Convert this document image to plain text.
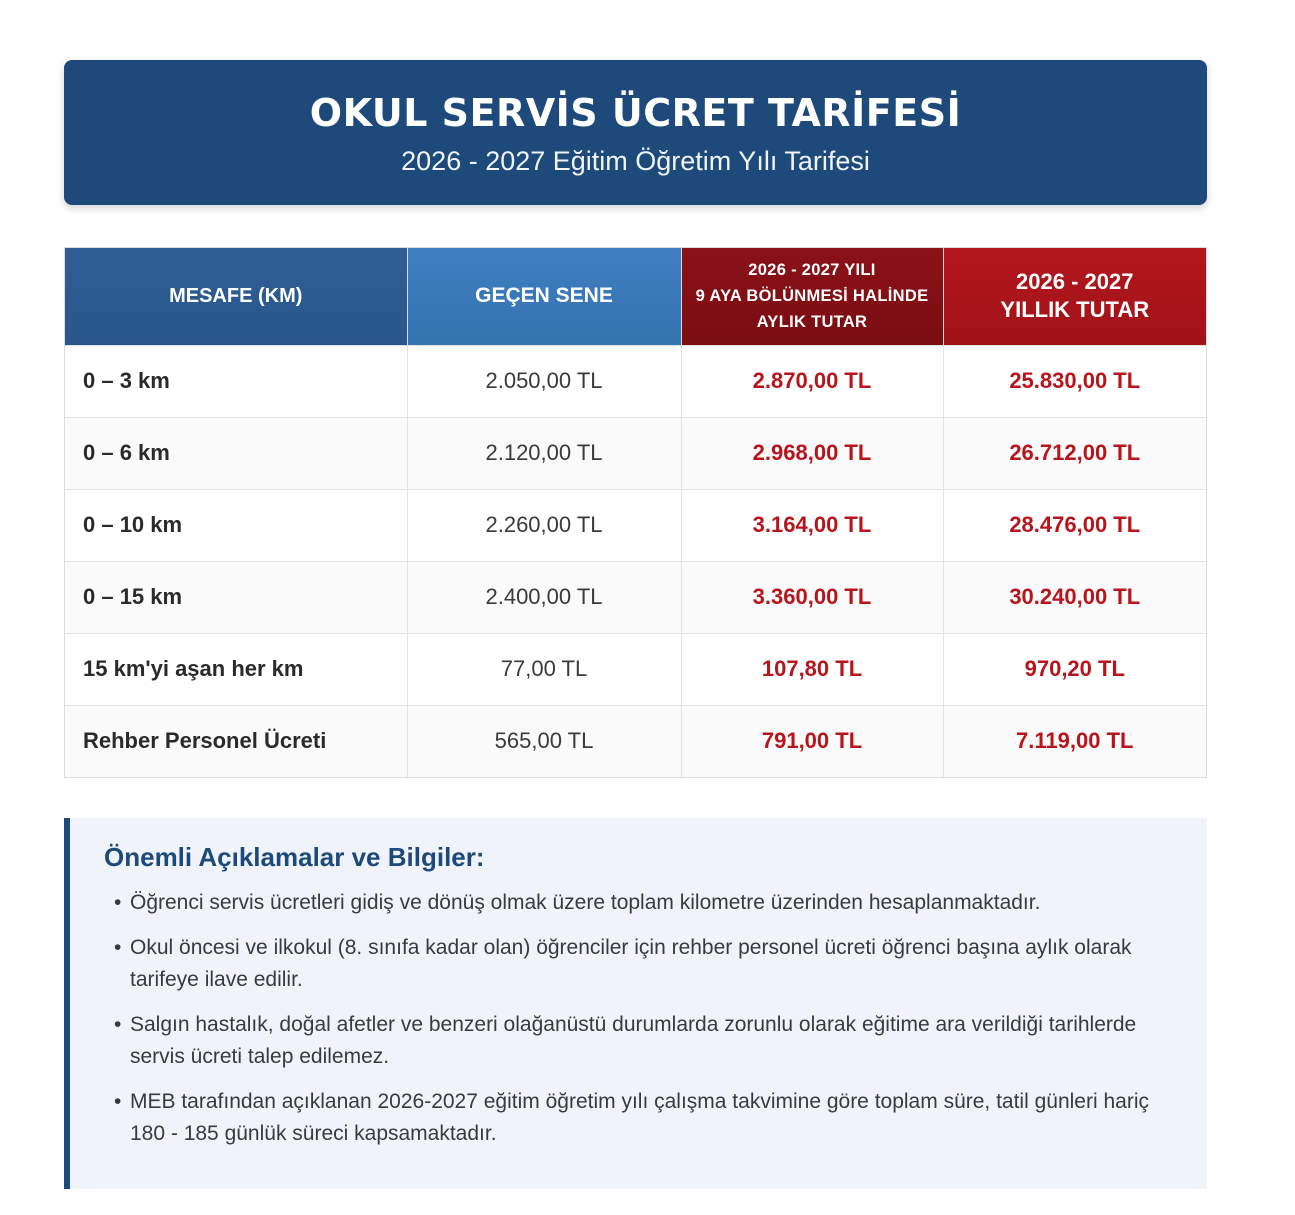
OKUL SERVİS ÜCRET TARİFESİ
2026 - 2027 Eğitim Öğretim Yılı Tarifesi
MESAFE (KM)	GEÇEN SENE	2026 - 2027 YILI
9 AYA BÖLÜNMESİ HALİNDE
AYLIK TUTAR	2026 - 2027
YILLIK TUTAR
0 – 3 km	2.050,00 TL	2.870,00 TL	25.830,00 TL
0 – 6 km	2.120,00 TL	2.968,00 TL	26.712,00 TL
0 – 10 km	2.260,00 TL	3.164,00 TL	28.476,00 TL
0 – 15 km	2.400,00 TL	3.360,00 TL	30.240,00 TL
15 km'yi aşan her km	77,00 TL	107,80 TL	970,20 TL
Rehber Personel Ücreti	565,00 TL	791,00 TL	7.119,00 TL
Önemli Açıklamalar ve Bilgiler:
• Öğrenci servis ücretleri gidiş ve dönüş olmak üzere toplam kilometre üzerinden hesaplanmaktadır.
• Okul öncesi ve ilkokul (8. sınıfa kadar olan) öğrenciler için rehber personel ücreti öğrenci başına aylık olarak tarifeye ilave edilir.
• Salgın hastalık, doğal afetler ve benzeri olağanüstü durumlarda zorunlu olarak eğitime ara verildiği tarihlerde servis ücreti talep edilemez.
• MEB tarafından açıklanan 2026-2027 eğitim öğretim yılı çalışma takvimine göre toplam süre, tatil günleri hariç 180 - 185 günlük süreci kapsamaktadır.
